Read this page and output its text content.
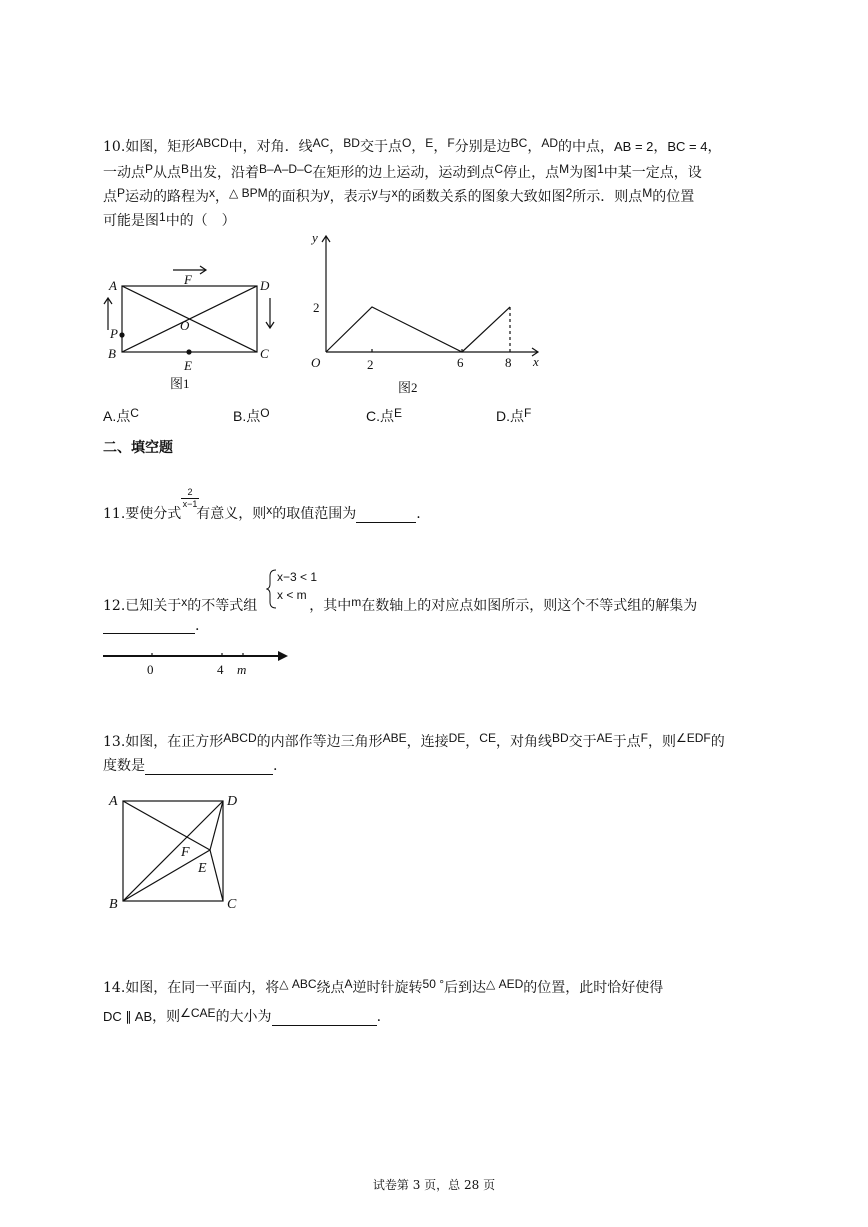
10.如图，矩形ABCD中，对角．线AC，BD交于点O，E，F分别是边BC，AD的中点，AB = 2，BC = 4，
一动点P从点B出发，沿着B–A–D–C在矩形的边上运动，运动到点C停止，点M为图1中某一定点，设
点P运动的路程为x，△ BPM的面积为y，表示y与x的函数关系的图象大致如图2所示．则点M的位置
可能是图1中的（　）
A	D
B	C
F
O
P
E
图1
y
x
O
2
2	6	8
图2
A.点C	B.点O	C.点E	D.点F
二、填空题
11.要使分式 有意义，则x的取值范围为	.
$\frac{2}{x-1}$
12.已知关于x的不等式组	，其中m在数轴上的对应点如图所示，则这个不等式组的解集为
x−3 < 1
x < m
.
0	4 m
13.如图，在正方形ABCD的内部作等边三角形ABE，连接DE，CE，对角线BD交于AE于点F，则∠EDF的
度数是	.
A	D
B	C
F
E
14.如图，在同一平面内，将△ ABC绕点A逆时针旋转50 °后到达△ AED的位置，此时恰好使得
DC ∥ AB，则∠CAE的大小为	.
试卷第 3 页，总 28 页
